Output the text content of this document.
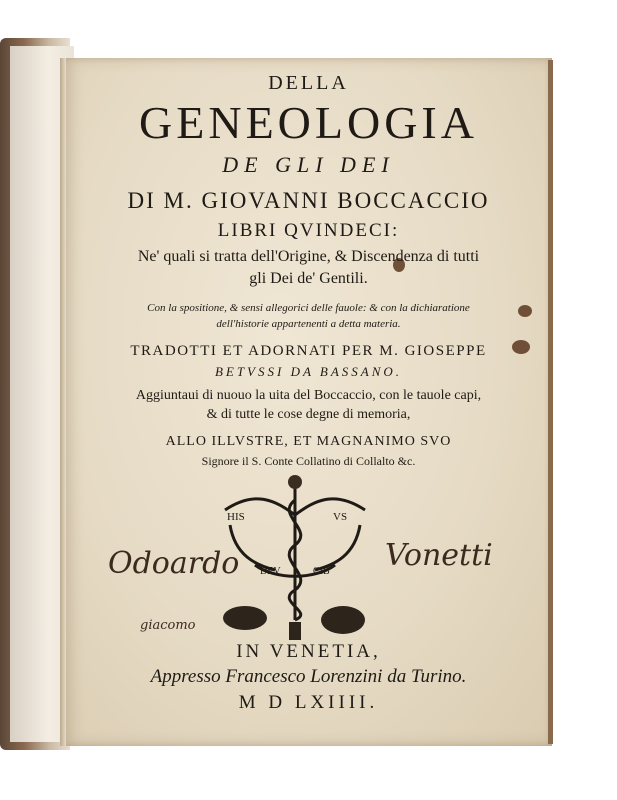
DELLA
GENEOLOGIA
DE GLI DEI
DI M. GIOVANNI BOCCACCIO
LIBRI QVINDECI:
Ne' quali si tratta dell'Origine, & Discendenza di tutti
gli Dei de' Gentili.
Con la spositione, & sensi allegorici delle fauole: & con la dichiaratione
dell'historie appartenenti a detta materia.
TRADOTTI ET ADORNATI PER M. GIOSEPPE
BETVSSI DA BASSANO.
Aggiuntaui di nuouo la uita del Boccaccio, con le tauole capi,
& di tutte le cose degne di memoria,
ALLO ILLVSTRE, ET MAGNANIMO SVO
Signore il S. Conte Collatino di Collalto &c.
HIS	VS
DEV	CIB
Odoardo	Vonetti
giacomo
IN VENETIA,
Appresso Francesco Lorenzini da Turino.
M D LXIIII.
